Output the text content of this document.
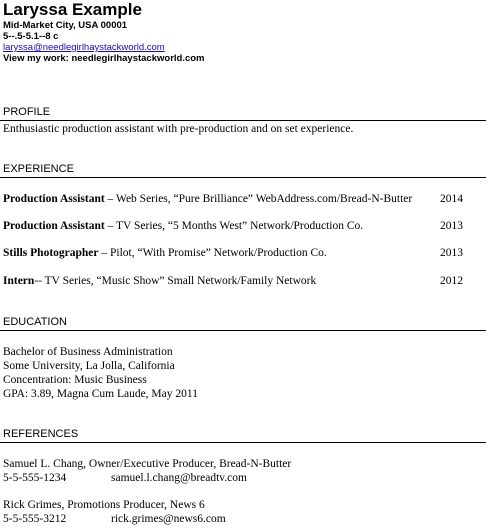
Laryssa Example
Mid-Market City, USA 00001
5--.5-5.1--8 c
laryssa@needlegirlhaystackworld.com
View my work: needlegirlhaystackworld.com
PROFILE
Enthusiastic production assistant with pre-production and on set experience.
EXPERIENCE
Production Assistant – Web Series, “Pure Brilliance” WebAddress.com/Bread-N-Butter 2014
Production Assistant – TV Series, “5 Months West” Network/Production Co.	2013
Stills Photographer – Pilot, “With Promise” Network/Production Co.	2013
Intern-- TV Series, “Music Show” Small Network/Family Network	2012
EDUCATION
Bachelor of Business Administration
Some University, La Jolla, California
Concentration: Music Business
GPA: 3.89, Magna Cum Laude, May 2011
REFERENCES
Samuel L. Chang, Owner/Executive Producer, Bread-N-Butter
5-5-555-1234	samuel.l.chang@breadtv.com
Rick Grimes, Promotions Producer, News 6
5-5-555-3212	rick.grimes@news6.com
